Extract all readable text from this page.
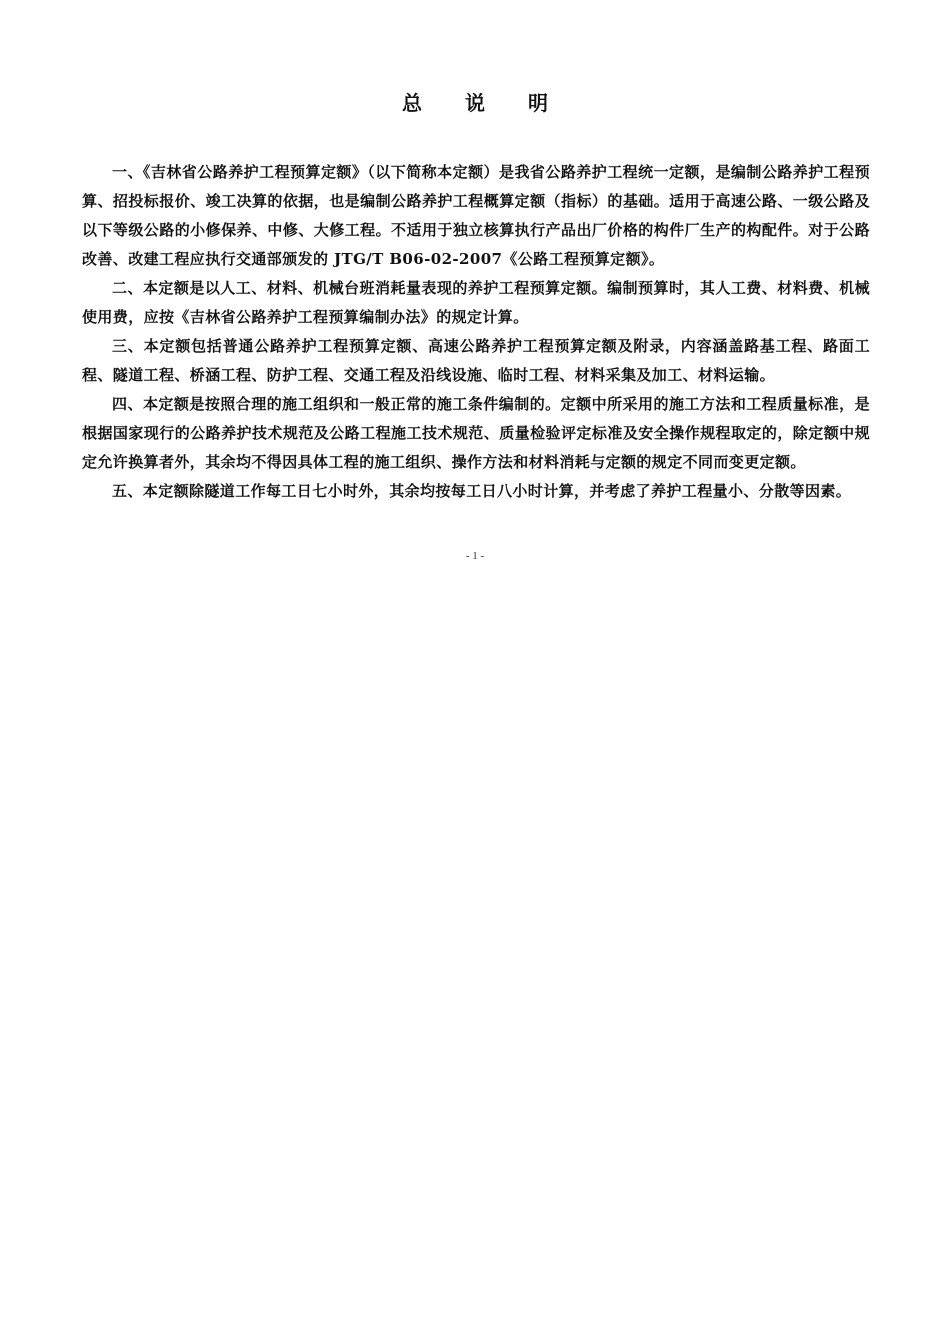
总 说 明

一、《吉林省公路养护工程预算定额》（以下简称本定额）是我省公路养护工程统一定额，是编制公路养护工程预算、招投标报价、竣工决算的依据，也是编制公路养护工程概算定额（指标）的基础。适用于高速公路、一级公路及以下等级公路的小修保养、中修、大修工程。不适用于独立核算执行产品出厂价格的构件厂生产的构配件。对于公路改善、改建工程应执行交通部颁发的 JTG/T B06-02-2007《公路工程预算定额》。

二、本定额是以人工、材料、机械台班消耗量表现的养护工程预算定额。编制预算时，其人工费、材料费、机械使用费，应按《吉林省公路养护工程预算编制办法》的规定计算。

三、本定额包括普通公路养护工程预算定额、高速公路养护工程预算定额及附录，内容涵盖路基工程、路面工程、隧道工程、桥涵工程、防护工程、交通工程及沿线设施、临时工程、材料采集及加工、材料运输。

四、本定额是按照合理的施工组织和一般正常的施工条件编制的。定额中所采用的施工方法和工程质量标准，是根据国家现行的公路养护技术规范及公路工程施工技术规范、质量检验评定标准及安全操作规程取定的，除定额中规定允许换算者外，其余均不得因具体工程的施工组织、操作方法和材料消耗与定额的规定不同而变更定额。

五、本定额除隧道工作每工日七小时外，其余均按每工日八小时计算，并考虑了养护工程量小、分散等因素。

- 1 -
